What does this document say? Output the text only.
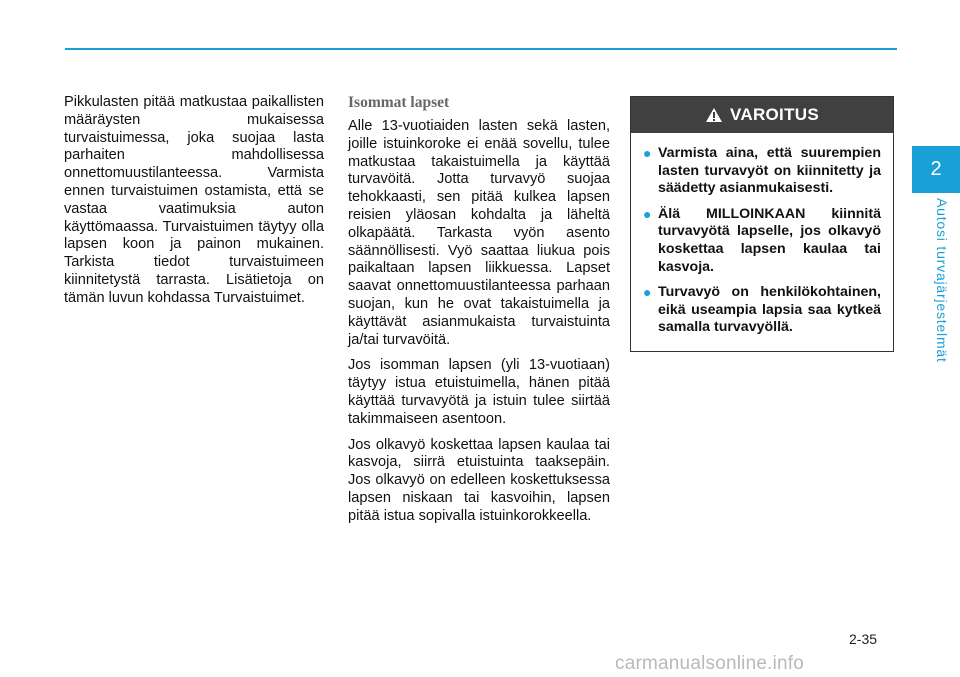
Pikkulasten pitää matkustaa paikallisten määräysten mukaisessa turvaistuimessa, joka suojaa lasta parhaiten mahdollisessa onnettomuustilanteessa. Varmista ennen turvaistuimen ostamista, että se vastaa vaatimuksia auton käyttömaassa. Turvaistuimen täytyy olla lapsen koon ja painon mukainen. Tarkista tiedot turvaistuimeen kiinnitetystä tarrasta. Lisätietoja on tämän luvun kohdassa Turvaistuimet.

Isommat lapset

Alle 13-vuotiaiden lasten sekä lasten, joille istuinkoroke ei enää sovellu, tulee matkustaa takaistuimella ja käyttää turvavöitä. Jotta turvavyö suojaa tehokkaasti, sen pitää kulkea lapsen reisien yläosan kohdalta ja läheltä olkapäätä. Tarkasta vyön asento säännöllisesti. Vyö saattaa liukua pois paikaltaan lapsen liikkuessa. Lapset saavat onnettomuustilanteessa parhaan suojan, kun he ovat takaistuimella ja käyttävät asianmukaista turvaistuinta ja/tai turvavöitä.

Jos isomman lapsen (yli 13-vuotiaan) täytyy istua etuistuimella, hänen pitää käyttää turvavyötä ja istuin tulee siirtää takimmaiseen asentoon.

Jos olkavyö koskettaa lapsen kaulaa tai kasvoja, siirrä etuistuinta taaksepäin. Jos olkavyö on edelleen koskettuksessa lapsen niskaan tai kasvoihin, lapsen pitää istua sopivalla istuinkorokkeella.

VAROITUS
● Varmista aina, että suurempien lasten turvavyöt on kiinnitetty ja säädetty asianmukaisesti.
● Älä MILLOINKAAN kiinnitä turvavyötä lapselle, jos olkavyö koskettaa lapsen kaulaa tai kasvoja.
● Turvavyö on henkilökohtainen, eikä useampia lapsia saa kytkeä samalla turvavyöllä.
2
Autosi turvajärjestelmät
2-35
carmanualsonline.info
